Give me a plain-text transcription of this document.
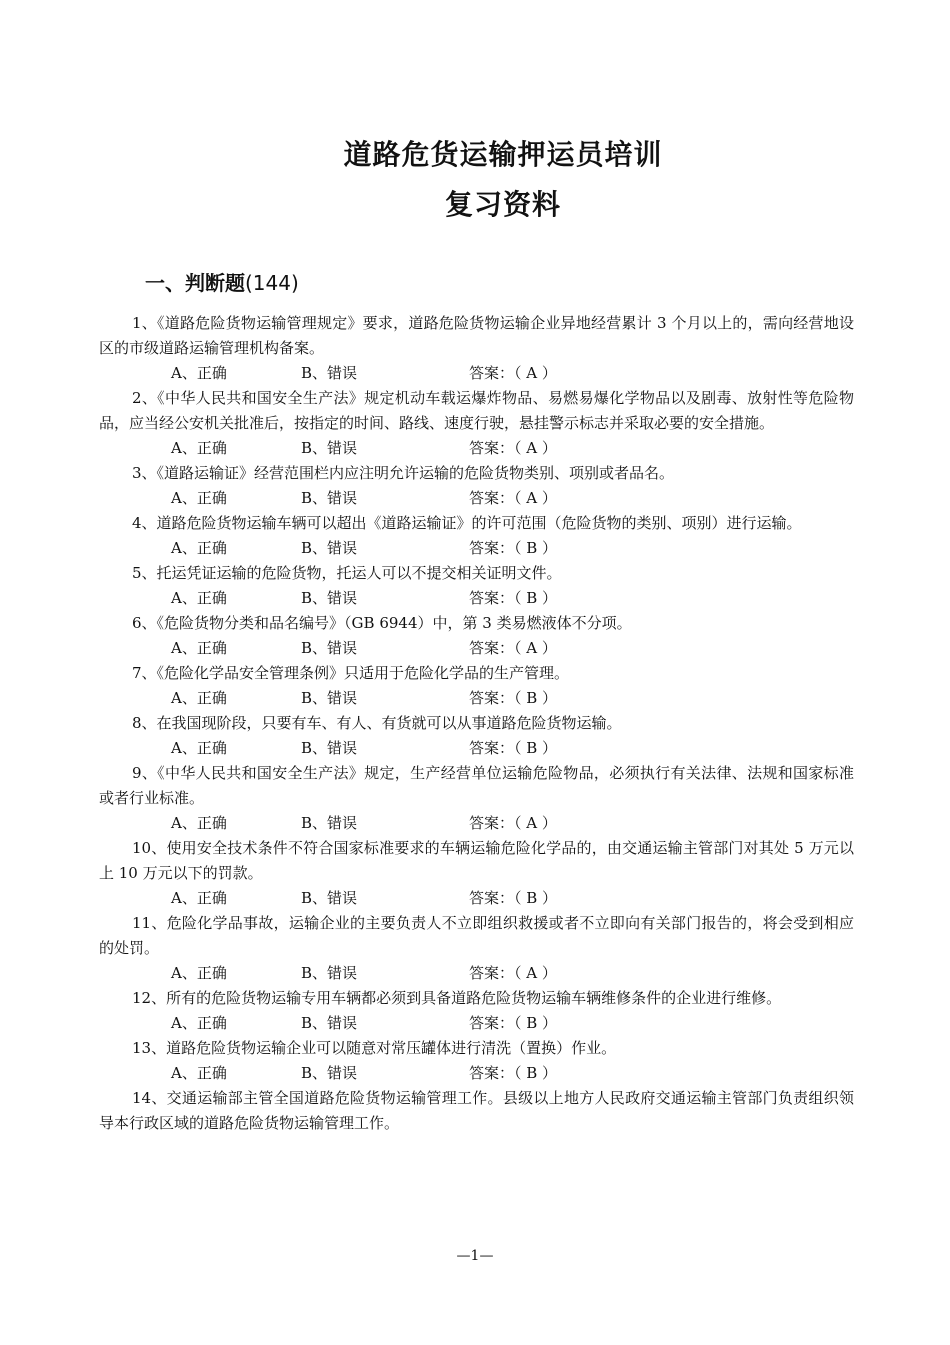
道路危货运输押运员培训
复习资料
一、判断题(144)

1、《道路危险货物运输管理规定》要求，道路危险货物运输企业异地经营累计 3 个月以上的，需向经营地设区的市级道路运输管理机构备案。

A、正确	B、错误	答案：（ A ）

2、《中华人民共和国安全生产法》规定机动车载运爆炸物品、易燃易爆化学物品以及剧毒、放射性等危险物品，应当经公安机关批准后，按指定的时间、路线、速度行驶，悬挂警示标志并采取必要的安全措施。

A、正确	B、错误	答案：（ A ）

3、《道路运输证》经营范围栏内应注明允许运输的危险货物类别、项别或者品名。

A、正确	B、错误	答案：（ A ）

4、道路危险货物运输车辆可以超出《道路运输证》的许可范围（危险货物的类别、项别）进行运输。

A、正确	B、错误	答案：（ B ）

5、托运凭证运输的危险货物，托运人可以不提交相关证明文件。

A、正确	B、错误	答案：（ B ）

6、《危险货物分类和品名编号》（GB 6944）中，第 3 类易燃液体不分项。

A、正确	B、错误	答案：（ A ）

7、《危险化学品安全管理条例》只适用于危险化学品的生产管理。

A、正确	B、错误	答案：（ B ）

8、在我国现阶段，只要有车、有人、有货就可以从事道路危险货物运输。

A、正确	B、错误	答案：（ B ）

9、《中华人民共和国安全生产法》规定，生产经营单位运输危险物品，必须执行有关法律、法规和国家标准或者行业标准。

A、正确	B、错误	答案：（ A ）

10、使用安全技术条件不符合国家标准要求的车辆运输危险化学品的，由交通运输主管部门对其处 5 万元以上 10 万元以下的罚款。

A、正确	B、错误	答案：（ B ）

11、危险化学品事故，运输企业的主要负责人不立即组织救援或者不立即向有关部门报告的，将会受到相应的处罚。

A、正确	B、错误	答案：（ A ）

12、所有的危险货物运输专用车辆都必须到具备道路危险货物运输车辆维修条件的企业进行维修。

A、正确	B、错误	答案：（ B ）

13、道路危险货物运输企业可以随意对常压罐体进行清洗（置换）作业。

A、正确	B、错误	答案：（ B ）

14、交通运输部主管全国道路危险货物运输管理工作。县级以上地方人民政府交通运输主管部门负责组织领导本行政区域的道路危险货物运输管理工作。

—1—
